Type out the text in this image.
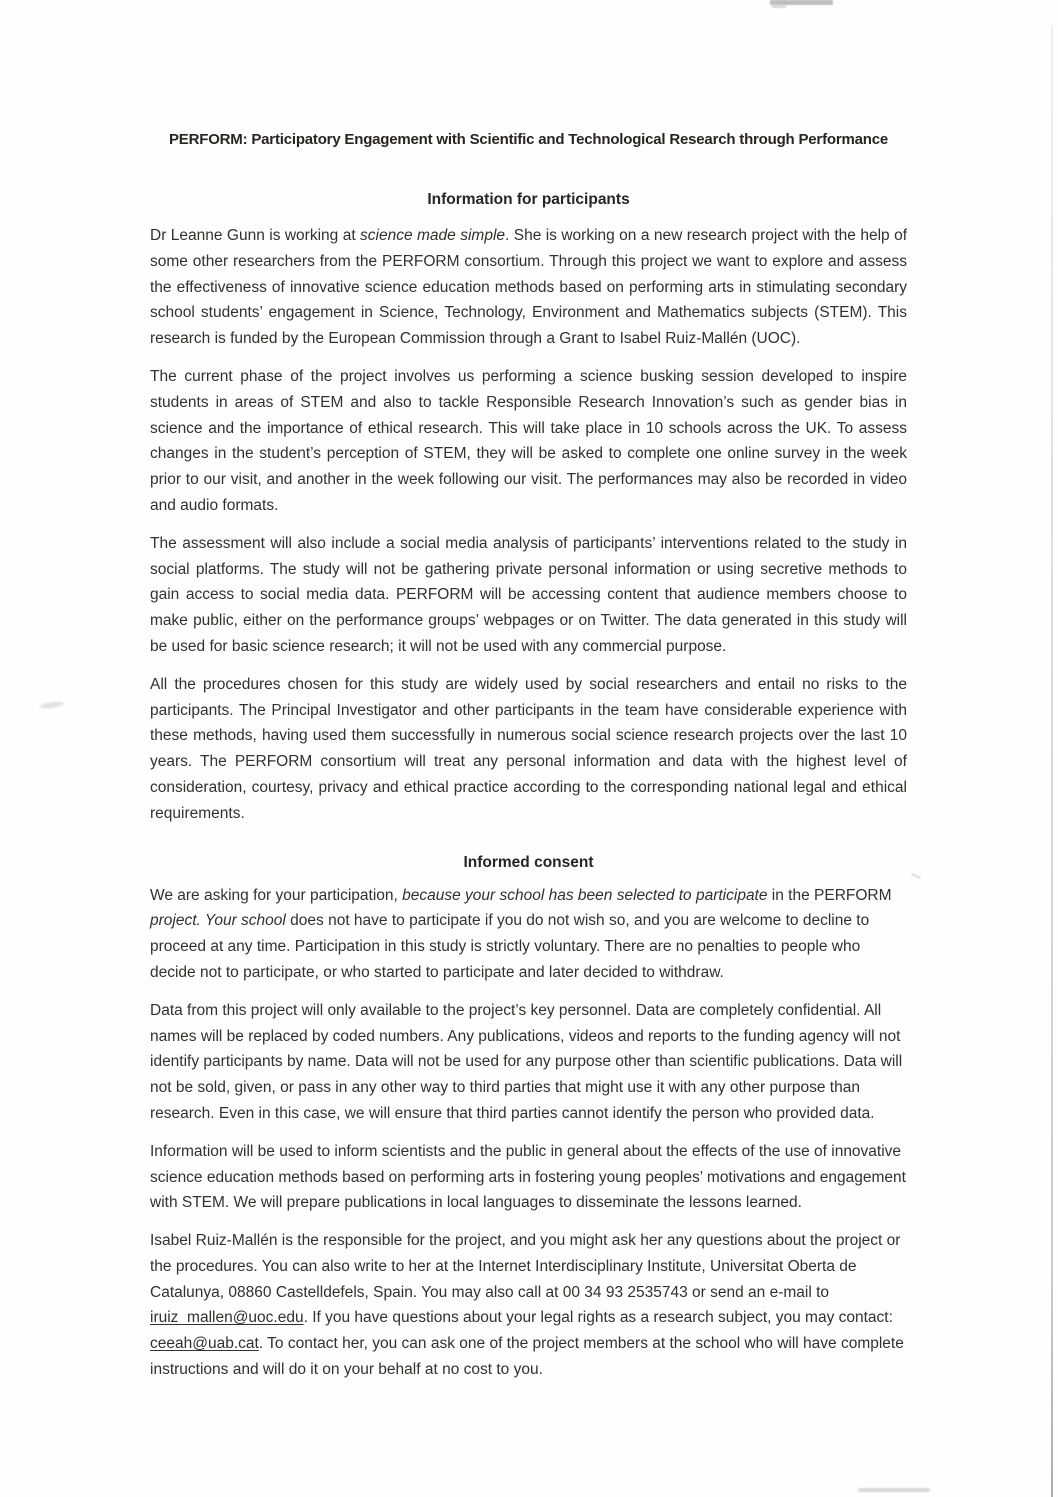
PERFORM: Participatory Engagement with Scientific and Technological Research through Performance
Information for participants

Dr Leanne Gunn is working at science made simple. She is working on a new research project with the help of some other researchers from the PERFORM consortium. Through this project we want to explore and assess the effectiveness of innovative science education methods based on performing arts in stimulating secondary school students’ engagement in Science, Technology, Environment and Mathematics subjects (STEM). This research is funded by the European Commission through a Grant to Isabel Ruiz-Mallén (UOC).

The current phase of the project involves us performing a science busking session developed to inspire students in areas of STEM and also to tackle Responsible Research Innovation’s such as gender bias in science and the importance of ethical research. This will take place in 10 schools across the UK. To assess changes in the student’s perception of STEM, they will be asked to complete one online survey in the week prior to our visit, and another in the week following our visit. The performances may also be recorded in video and audio formats.

The assessment will also include a social media analysis of participants’ interventions related to the study in social platforms. The study will not be gathering private personal information or using secretive methods to gain access to social media data. PERFORM will be accessing content that audience members choose to make public, either on the performance groups’ webpages or on Twitter. The data generated in this study will be used for basic science research; it will not be used with any commercial purpose.

All the procedures chosen for this study are widely used by social researchers and entail no risks to the participants. The Principal Investigator and other participants in the team have considerable experience with these methods, having used them successfully in numerous social science research projects over the last 10 years. The PERFORM consortium will treat any personal information and data with the highest level of consideration, courtesy, privacy and ethical practice according to the corresponding national legal and ethical requirements.

Informed consent

We are asking for your participation, because your school has been selected to participate in the PERFORM project. Your school does not have to participate if you do not wish so, and you are welcome to decline to proceed at any time. Participation in this study is strictly voluntary. There are no penalties to people who decide not to participate, or who started to participate and later decided to withdraw.

Data from this project will only available to the project’s key personnel. Data are completely confidential. All names will be replaced by coded numbers. Any publications, videos and reports to the funding agency will not identify participants by name. Data will not be used for any purpose other than scientific publications. Data will not be sold, given, or pass in any other way to third parties that might use it with any other purpose than research. Even in this case, we will ensure that third parties cannot identify the person who provided data.

Information will be used to inform scientists and the public in general about the effects of the use of innovative science education methods based on performing arts in fostering young peoples’ motivations and engagement with STEM. We will prepare publications in local languages to disseminate the lessons learned.

Isabel Ruiz-Mallén is the responsible for the project, and you might ask her any questions about the project or the procedures. You can also write to her at the Internet Interdisciplinary Institute, Universitat Oberta de Catalunya, 08860 Castelldefels, Spain. You may also call at 00 34 93 2535743 or send an e-mail to iruiz_mallen@uoc.edu. If you have questions about your legal rights as a research subject, you may contact: ceeah@uab.cat. To contact her, you can ask one of the project members at the school who will have complete instructions and will do it on your behalf at no cost to you.
